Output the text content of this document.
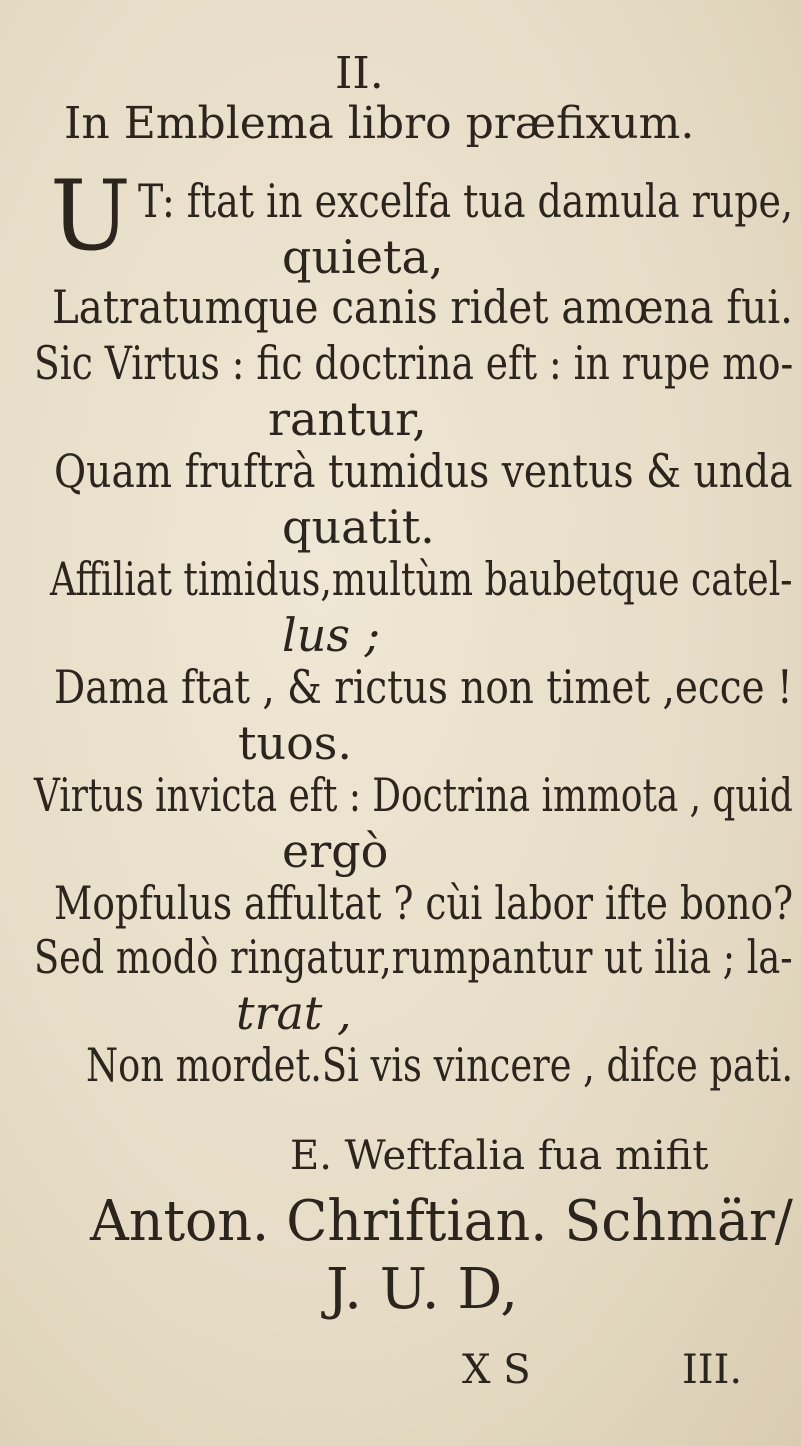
II.
In Emblema libro præfixum.
U T: ftat in excelfa tua damula rupe,
quieta,
Latratumque canis ridet amœna fui.
Sic Virtus : fic doctrina eft : in rupe mo-
rantur,
Quam fruftrà tumidus ventus & unda
quatit.
Affiliat timidus,multùm baubetque catel-
lus ;
Dama ftat , & rictus non timet ,ecce !
tuos.
Virtus invicta eft : Doctrina immota , quid
ergò
Mopfulus affultat ? cùi labor ifte bono?
Sed modò ringatur,rumpantur ut ilia ; la-
trat ,
Non mordet.Si vis vincere , difce pati.
E. Weftfalia fua mifit
Anton. Chriftian. Schmär/
J. U. D,
X S	III.
